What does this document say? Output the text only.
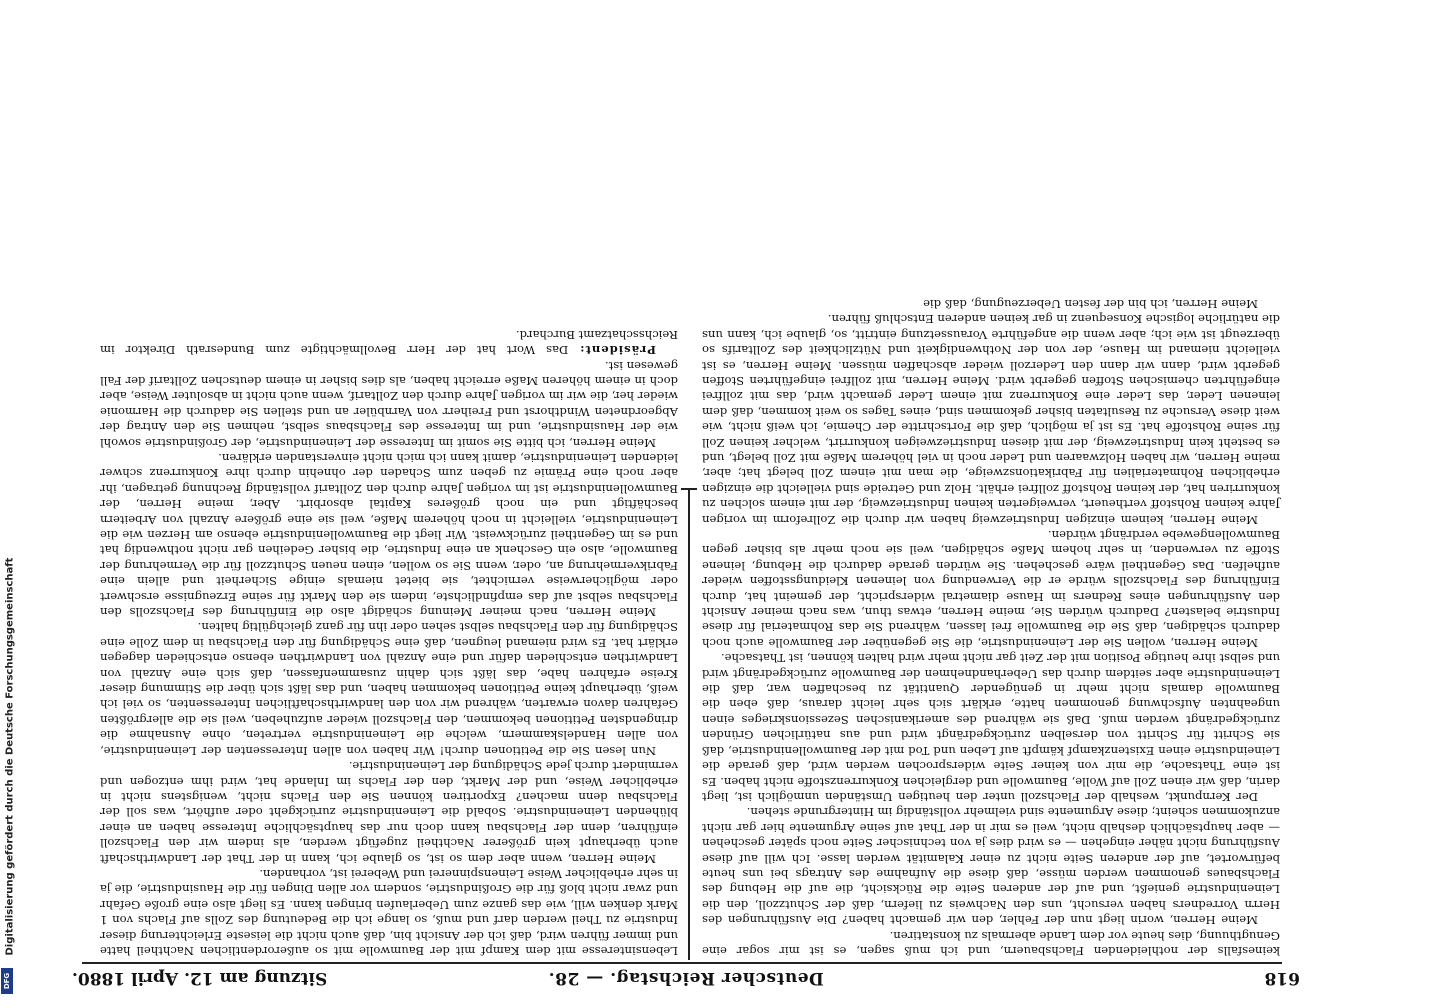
618
Deutscher Reichstag. — 28.
Sitzung am 12. April 1880.

keinesfalls der nothleidenden Flachsbauern, und ich muß sagen, es ist mir sogar eine Genugthuung, dies heute vor dem Lande abermals zu konstatiren.

Meine Herren, worin liegt nun der Fehler, den wir gemacht haben? Die Ausführungen des Herrn Vorredners haben versucht, uns den Nachweis zu liefern, daß der Schutzzoll, den die Leinenindustrie genießt, und auf der anderen Seite die Rücksicht, die auf die Hebung des Flachsbaues genommen werden müsse, daß diese die Aufnahme des Antrags bei uns heute befürwortet, auf der anderen Seite nicht zu einer Kalamität werden lasse. Ich will auf diese Ausführung nicht näher eingehen — es wird dies ja von technischer Seite noch später geschehen — aber hauptsächlich deshalb nicht, weil es mir in der That auf seine Argumente hier gar nicht anzukommen scheint; diese Argumente sind vielmehr vollständig im Hintergrunde stehen.

Der Kernpunkt, weshalb der Flachszoll unter den heutigen Umständen unmöglich ist, liegt darin, daß wir einen Zoll auf Wolle, Baumwolle und dergleichen Konkurrenzstoffe nicht haben. Es ist eine Thatsache, die mir von keiner Seite widersprochen werden wird, daß gerade die Leineindustrie einen Existenzkampf kämpft auf Leben und Tod mit der Baumwollenindustrie, daß sie Schritt für Schritt von derselben zurückgedrängt wird und aus natürlichen Gründen zurückgedrängt werden muß. Daß sie während des amerikanischen Sezessionskrieges einen ungeahnten Aufschwung genommen hatte, erklärt sich sehr leicht daraus, daß eben die Baumwolle damals nicht mehr in genügender Quantität zu beschaffen war, daß die Leinenindustrie aber seitdem durch das Ueberhandnehmen der Baumwolle zurückgedrängt wird und selbst ihre heutige Position mit der Zeit gar nicht mehr wird halten können, ist Thatsache.

Meine Herren, wollen Sie der Leinenindustrie, die Sie gegenüber der Baumwolle auch noch dadurch schädigen, daß Sie die Baumwolle frei lassen, während Sie das Rohmaterial für diese Industrie belasten? Dadurch würden Sie, meine Herren, etwas thun, was nach meiner Ansicht den Ausführungen eines Redners im Hause diametral widerspricht, der gemeint hat, durch Einführung des Flachszolls würde er die Verwendung von leinenen Kleidungsstoffen wieder aufhelfen. Das Gegentheil wäre geschehen. Sie würden gerade dadurch die Hebung, leinene Stoffe zu verwenden, in sehr hohem Maße schädigen, weil sie noch mehr als bisher gegen Baumwollengewebe verdrängt würden.

Meine Herren, keinem einzigen Industriezweig haben wir durch die Zollreform im vorigen Jahre keinen Rohstoff vertheuert, verweigerten keinen Industriezweig, der mit einem solchen zu konkurriren hat, der keinen Rohstoff zollfrei erhält. Holz und Getreide sind vielleicht die einzigen erheblichen Rohmaterialien für Fabrikationszweige, die man mit einem Zoll belegt hat; aber, meine Herren, wir haben Holzwaaren und Leder noch in viel höherem Maße mit Zoll belegt, und es besteht kein Industriezweig, der mit diesen Industriezweigen konkurrirt, welcher keinen Zoll für seine Rohstoffe hat. Es ist ja möglich, daß die Fortschritte der Chemie, ich weiß nicht, wie weit diese Versuche zu Resultaten bisher gekommen sind, eines Tages so weit kommen, daß dem leinenen Leder, das Leder eine Konkurrenz mit einem Leder gemacht wird, das mit zollfrei eingeführten chemischen Stoffen gegerbt wird. Meine Herren, mit zollfrei eingeführten Stoffen gegerbt wird, dann wir dann den Lederzoll wieder abschaffen müssen. Meine Herren, es ist vielleicht niemand im Hause, der von der Nothwendigkeit und Nützlichkeit des Zolltarifs so überzeugt ist wie ich; aber wenn die angeführte Voraussetzung eintritt, so, glaube ich, kann uns die natürliche logische Konsequenz in gar keinen anderen Entschluß führen.

Meine Herren, ich bin der festen Ueberzeugung, daß die

Lebensinteresse mit dem Kampf mit der Baumwolle mit so außerordentlichen Nachtheil hatte und immer führen wird, daß ich der Ansicht bin, daß auch nicht die leiseste Erleichterung dieser Industrie zu Theil werden darf und muß, so lange ich die Bedeutung des Zolls auf Flachs von 1 Mark denken will, wie das ganze zum Ueberlaufen bringen kann. Es liegt also eine große Gefahr und zwar nicht bloß für die Großindustrie, sondern vor allen Dingen für die Hausindustrie, die ja in sehr erheblicher Weise Leinenspinnerei und Weberei ist, vorhanden.

Meine Herren, wenn aber dem so ist, so glaube ich, kann in der That der Landwirthschaft auch überhaupt kein größerer Nachtheil zugefügt werden, als indem wir den Flachszoll einführen, denn der Flachsbau kann doch nur das hauptsächliche Interesse haben an einer blühenden Leinenindustrie. Sobald die Leinenindustrie zurückgeht oder aufhört, was soll der Flachsbau denn machen? Exportiren können Sie den Flachs nicht, wenigstens nicht in erheblicher Weise, und der Markt, den der Flachs im Inlande hat, wird ihm entzogen und vermindert durch jede Schädigung der Leinenindustrie.

Nun lesen Sie die Petitionen durch! Wir haben von allen Interessenten der Leinenindustrie, von allen Handelskammern, welche die Leinenindustrie vertreten, ohne Ausnahme die dringendsten Petitionen bekommen, den Flachszoll wieder aufzuheben, weil sie die allergrößten Gefahren davon erwarten, während wir von den landwirthschaftlichen Interessenten, so viel ich weiß, überhaupt keine Petitionen bekommen haben, und das läßt sich über die Stimmung dieser Kreise erfahren habe, das läßt sich dahin zusammenfassen, daß sich eine Anzahl von Landwirthen entschieden dafür und eine Anzahl von Landwirthen ebenso entschieden dagegen erklärt hat. Es wird niemand leugnen, daß eine Schädigung für den Flachsbau in dem Zolle eine Schädigung für den Flachsbau selbst sehen oder ihn für ganz gleichgültig halten.

Meine Herren, nach meiner Meinung schädigt also die Einführung des Flachszolls den Flachsbau selbst auf das empfindlichste, indem sie den Markt für seine Erzeugnisse erschwert oder möglicherweise vernichtet, sie bietet niemals einige Sicherheit und allein eine Fabrikvermehrung an, oder, wenn Sie so wollen, einen neuen Schutzzoll für die Vermehrung der Baumwolle, also ein Geschenk an eine Industrie, die bisher Gedeihen gar nicht nothwendig hat und es im Gegentheil zurückweist. Wir liegt die Baumwollenindustrie ebenso am Herzen wie die Leinenindustrie, vielleicht in noch höherem Maße, weil sie eine größere Anzahl von Arbeitern beschäftigt und ein noch größeres Kapital absorbirt. Aber, meine Herren, der Baumwollenindustrie ist im vorigen Jahre durch den Zolltarif vollständig Rechnung getragen, ihr aber noch eine Prämie zu geben zum Schaden der ohnehin durch ihre Konkurrenz schwer leidenden Leinenindustrie, damit kann ich mich nicht einverstanden erklären.

Meine Herren, ich bitte Sie somit im Interesse der Leinenindustrie, der Großindustrie sowohl wie der Hausindustrie, und im Interesse des Flachsbaus selbst, nehmen Sie den Antrag der Abgeordneten Windthorst und Freiherr von Varnbüler an und stellen Sie dadurch die Harmonie wieder her, die wir im vorigen Jahre durch den Zolltarif, wenn auch nicht in absoluter Weise, aber doch in einem höheren Maße erreicht haben, als dies bisher in einem deutschen Zolltarif der Fall gewesen ist.

Präsident: Das Wort hat der Herr Bevollmächtigte zum Bundesrath Direktor im Reichsschatzamt Burchard.

Digitalisierung gefördert durch die Deutsche Forschungsgemeinschaft
DFG
